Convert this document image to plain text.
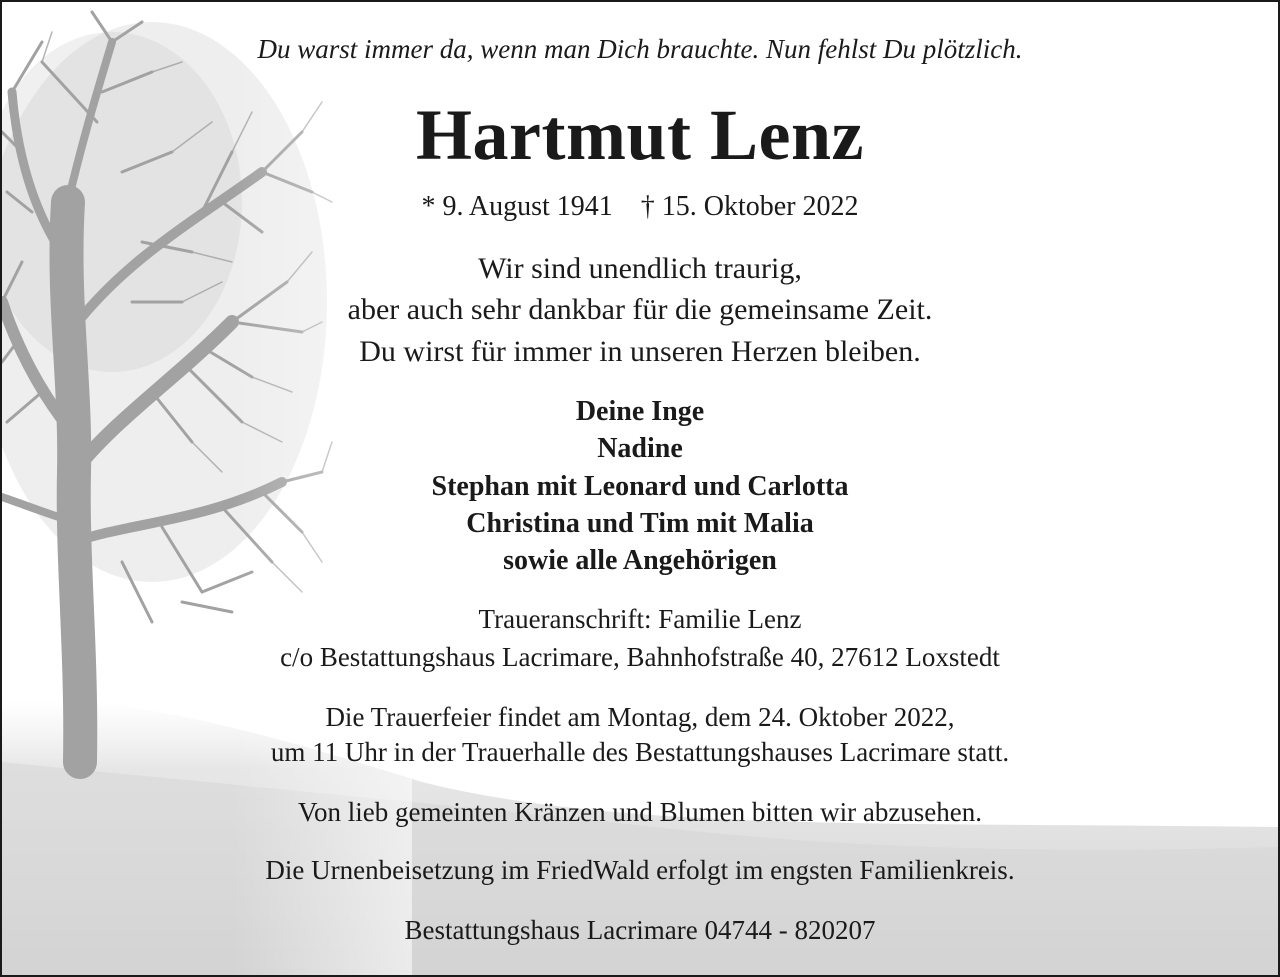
Du warst immer da, wenn man Dich brauchte. Nun fehlst Du plötzlich.
Hartmut Lenz
* 9. August 1941 † 15. Oktober 2022
Wir sind unendlich traurig,
aber auch sehr dankbar für die gemeinsame Zeit.
Du wirst für immer in unseren Herzen bleiben.
Deine Inge
Nadine
Stephan mit Leonard und Carlotta
Christina und Tim mit Malia
sowie alle Angehörigen
Traueranschrift: Familie Lenz
c/o Bestattungshaus Lacrimare, Bahnhofstraße 40, 27612 Loxstedt
Die Trauerfeier findet am Montag, dem 24. Oktober 2022,
um 11 Uhr in der Trauerhalle des Bestattungshauses Lacrimare statt.
Von lieb gemeinten Kränzen und Blumen bitten wir abzusehen.
Die Urnenbeisetzung im FriedWald erfolgt im engsten Familienkreis.
Bestattungshaus Lacrimare 04744 - 820207
